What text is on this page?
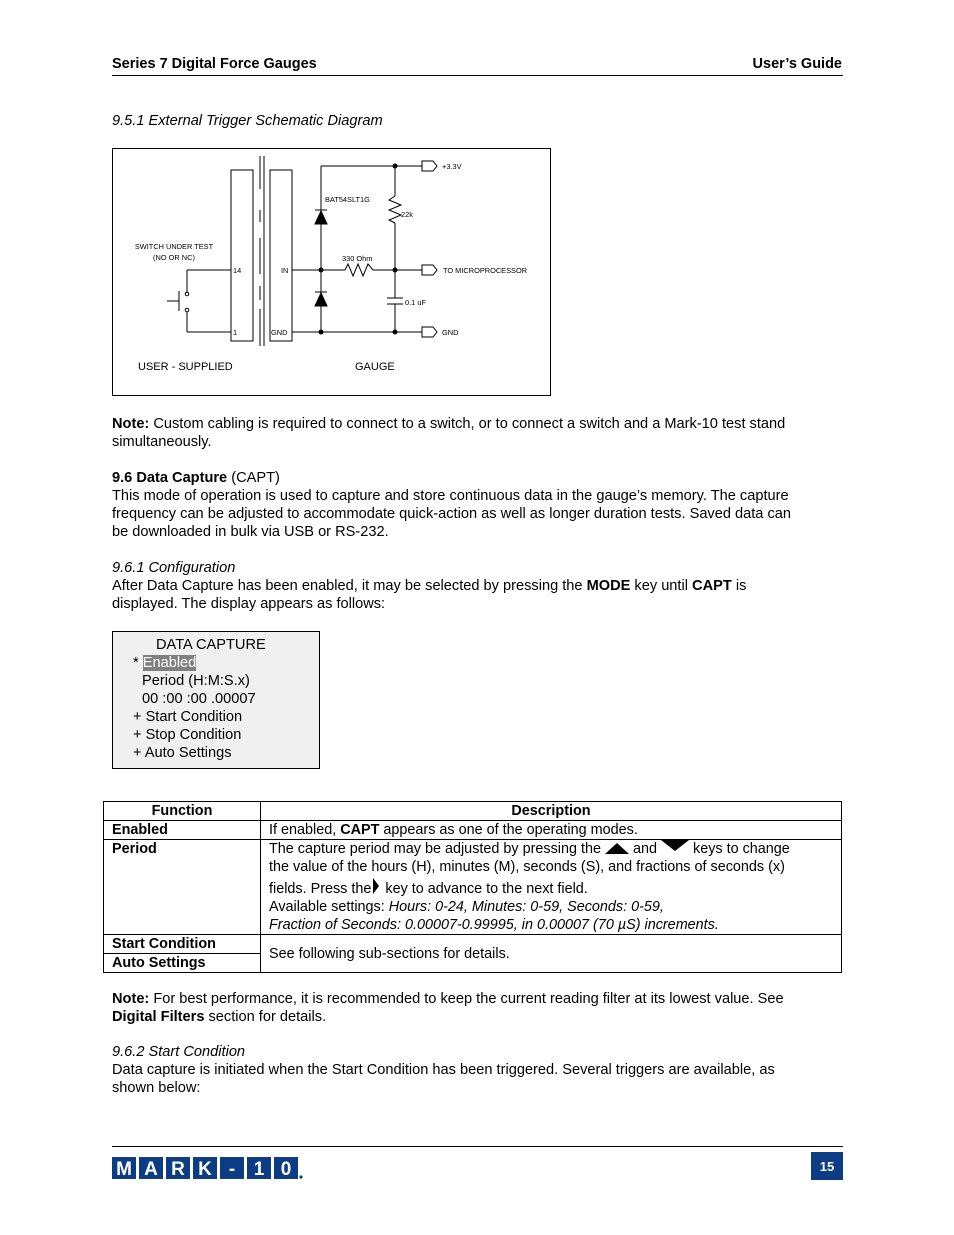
Series 7 Digital Force Gauges	User’s Guide
9.5.1 External Trigger Schematic Diagram
+3.3V
BAT54SLT1G
22k
SWITCH UNDER TEST
(NO OR NC)
14	IN
330 Ohm
TO MICROPROCESSOR
0.1 uF
1	GND	GND
USER - SUPPLIED	GAUGE
Note: Custom cabling is required to connect to a switch, or to connect a switch and a Mark-10 test stand
simultaneously.
9.6 Data Capture (CAPT)
This mode of operation is used to capture and store continuous data in the gauge’s memory. The capture
frequency can be adjusted to accommodate quick-action as well as longer duration tests. Saved data can
be downloaded in bulk via USB or RS-232.
9.6.1 Configuration
After Data Capture has been enabled, it may be selected by pressing the MODE key until CAPT is
displayed. The display appears as follows:
DATA CAPTURE
* Enabled
Period (H:M:S.x)
00 :00 :00 .00007
+ Start Condition
+ Stop Condition
+ Auto Settings
Function	Description
Enabled	If enabled, CAPT appears as one of the operating modes.
Period	The capture period may be adjusted by pressing the  and  keys to change
the value of the hours (H), minutes (M), seconds (S), and fractions of seconds (x)
fields. Press the key to advance to the next field.
Available settings: Hours: 0-24, Minutes: 0-59, Seconds: 0-59,
Fraction of Seconds: 0.00007-0.99995, in 0.00007 (70 µS) increments.
Start Condition	See following sub-sections for details.
Auto Settings	
Note: For best performance, it is recommended to keep the current reading filter at its lowest value. See
Digital Filters section for details.
9.6.2 Start Condition
Data capture is initiated when the Start Condition has been triggered. Several triggers are available, as
shown below:
M A R K - 1 0	15
